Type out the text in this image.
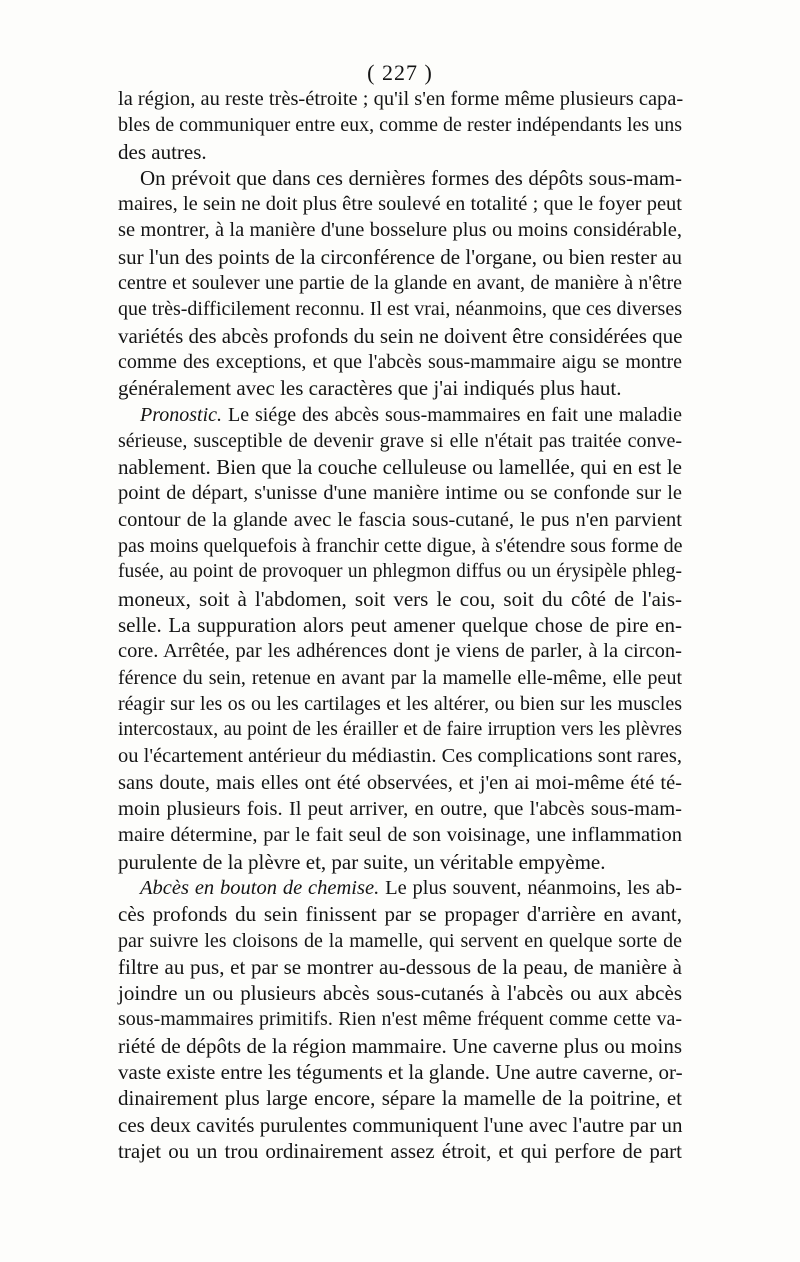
( 227 )
la région, au reste très-étroite ; qu'il s'en forme même plusieurs capa-
bles de communiquer entre eux, comme de rester indépendants les uns
des autres.
On prévoit que dans ces dernières formes des dépôts sous-mam-
maires, le sein ne doit plus être soulevé en totalité ; que le foyer peut
se montrer, à la manière d'une bosselure plus ou moins considérable,
sur l'un des points de la circonférence de l'organe, ou bien rester au
centre et soulever une partie de la glande en avant, de manière à n'être
que très-difficilement reconnu. Il est vrai, néanmoins, que ces diverses
variétés des abcès profonds du sein ne doivent être considérées que
comme des exceptions, et que l'abcès sous-mammaire aigu se montre
généralement avec les caractères que j'ai indiqués plus haut.
Pronostic. Le siége des abcès sous-mammaires en fait une maladie
sérieuse, susceptible de devenir grave si elle n'était pas traitée conve-
nablement. Bien que la couche celluleuse ou lamellée, qui en est le
point de départ, s'unisse d'une manière intime ou se confonde sur le
contour de la glande avec le fascia sous-cutané, le pus n'en parvient
pas moins quelquefois à franchir cette digue, à s'étendre sous forme de
fusée, au point de provoquer un phlegmon diffus ou un érysipèle phleg-
moneux, soit à l'abdomen, soit vers le cou, soit du côté de l'ais-
selle. La suppuration alors peut amener quelque chose de pire en-
core. Arrêtée, par les adhérences dont je viens de parler, à la circon-
férence du sein, retenue en avant par la mamelle elle-même, elle peut
réagir sur les os ou les cartilages et les altérer, ou bien sur les muscles
intercostaux, au point de les érailler et de faire irruption vers les plèvres
ou l'écartement antérieur du médiastin. Ces complications sont rares,
sans doute, mais elles ont été observées, et j'en ai moi-même été té-
moin plusieurs fois. Il peut arriver, en outre, que l'abcès sous-mam-
maire détermine, par le fait seul de son voisinage, une inflammation
purulente de la plèvre et, par suite, un véritable empyème.
Abcès en bouton de chemise. Le plus souvent, néanmoins, les ab-
cès profonds du sein finissent par se propager d'arrière en avant,
par suivre les cloisons de la mamelle, qui servent en quelque sorte de
filtre au pus, et par se montrer au-dessous de la peau, de manière à
joindre un ou plusieurs abcès sous-cutanés à l'abcès ou aux abcès
sous-mammaires primitifs. Rien n'est même fréquent comme cette va-
riété de dépôts de la région mammaire. Une caverne plus ou moins
vaste existe entre les téguments et la glande. Une autre caverne, or-
dinairement plus large encore, sépare la mamelle de la poitrine, et
ces deux cavités purulentes communiquent l'une avec l'autre par un
trajet ou un trou ordinairement assez étroit, et qui perfore de part
